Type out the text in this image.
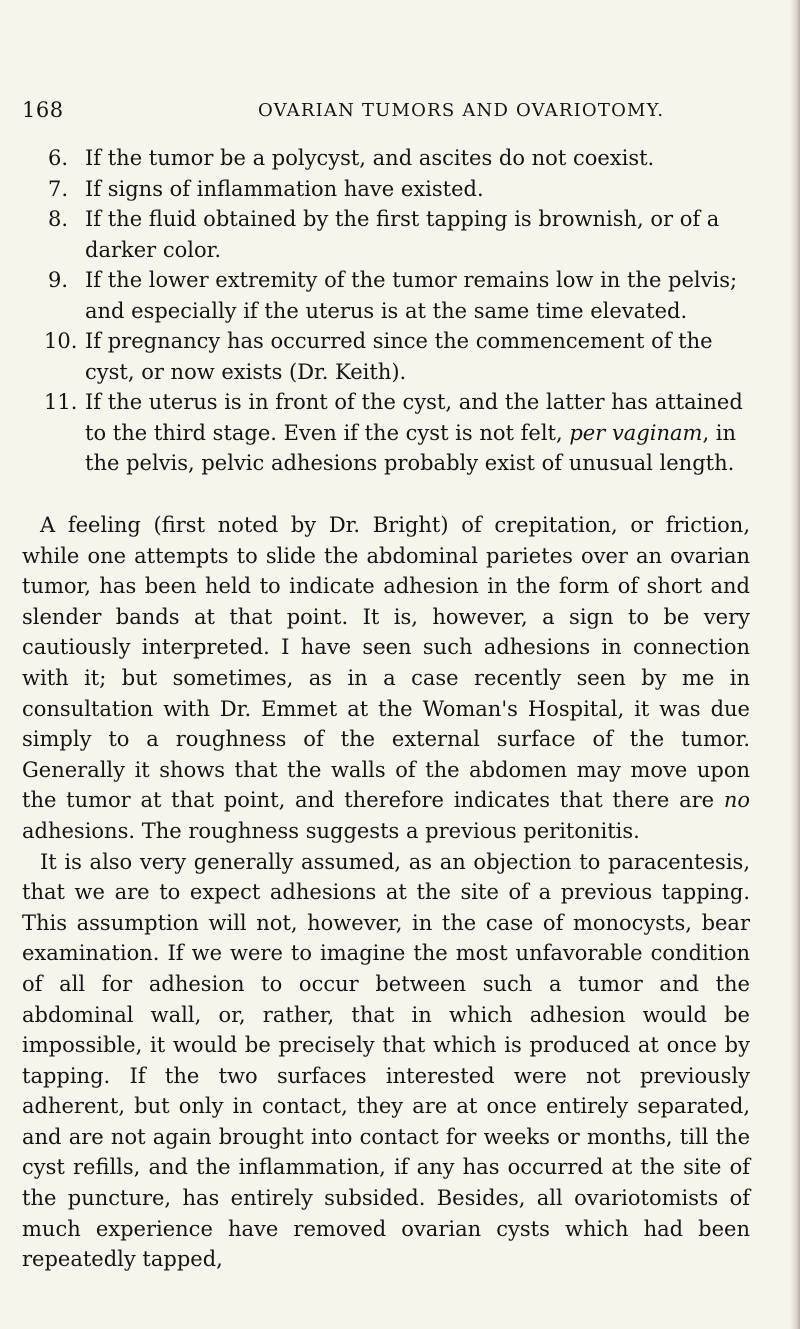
168	OVARIAN TUMORS AND OVARIOTOMY.
6. If the tumor be a polycyst, and ascites do not coexist.
7. If signs of inflammation have existed.
8. If the fluid obtained by the first tapping is brownish, or of a darker color.
9. If the lower extremity of the tumor remains low in the pelvis; and especially if the uterus is at the same time elevated.
10. If pregnancy has occurred since the commencement of the cyst, or now exists (Dr. Keith).
11. If the uterus is in front of the cyst, and the latter has attained to the third stage. Even if the cyst is not felt, per vaginam, in the pelvis, pelvic adhesions probably exist of unusual length.

A feeling (first noted by Dr. Bright) of crepitation, or friction, while one attempts to slide the abdominal parietes over an ovarian tumor, has been held to indicate adhesion in the form of short and slender bands at that point. It is, however, a sign to be very cautiously interpreted. I have seen such adhesions in connection with it; but sometimes, as in a case recently seen by me in consultation with Dr. Emmet at the Woman's Hospital, it was due simply to a roughness of the external surface of the tumor. Generally it shows that the walls of the abdomen may move upon the tumor at that point, and therefore indicates that there are no adhesions. The roughness suggests a previous peritonitis.

It is also very generally assumed, as an objection to paracentesis, that we are to expect adhesions at the site of a previous tapping. This assumption will not, however, in the case of monocysts, bear examination. If we were to imagine the most unfavorable condition of all for adhesion to occur between such a tumor and the abdominal wall, or, rather, that in which adhesion would be impossible, it would be precisely that which is produced at once by tapping. If the two surfaces interested were not previously adherent, but only in contact, they are at once entirely separated, and are not again brought into contact for weeks or months, till the cyst refills, and the inflammation, if any has occurred at the site of the puncture, has entirely subsided. Besides, all ovariotomists of much experience have removed ovarian cysts which had been repeatedly tapped,
